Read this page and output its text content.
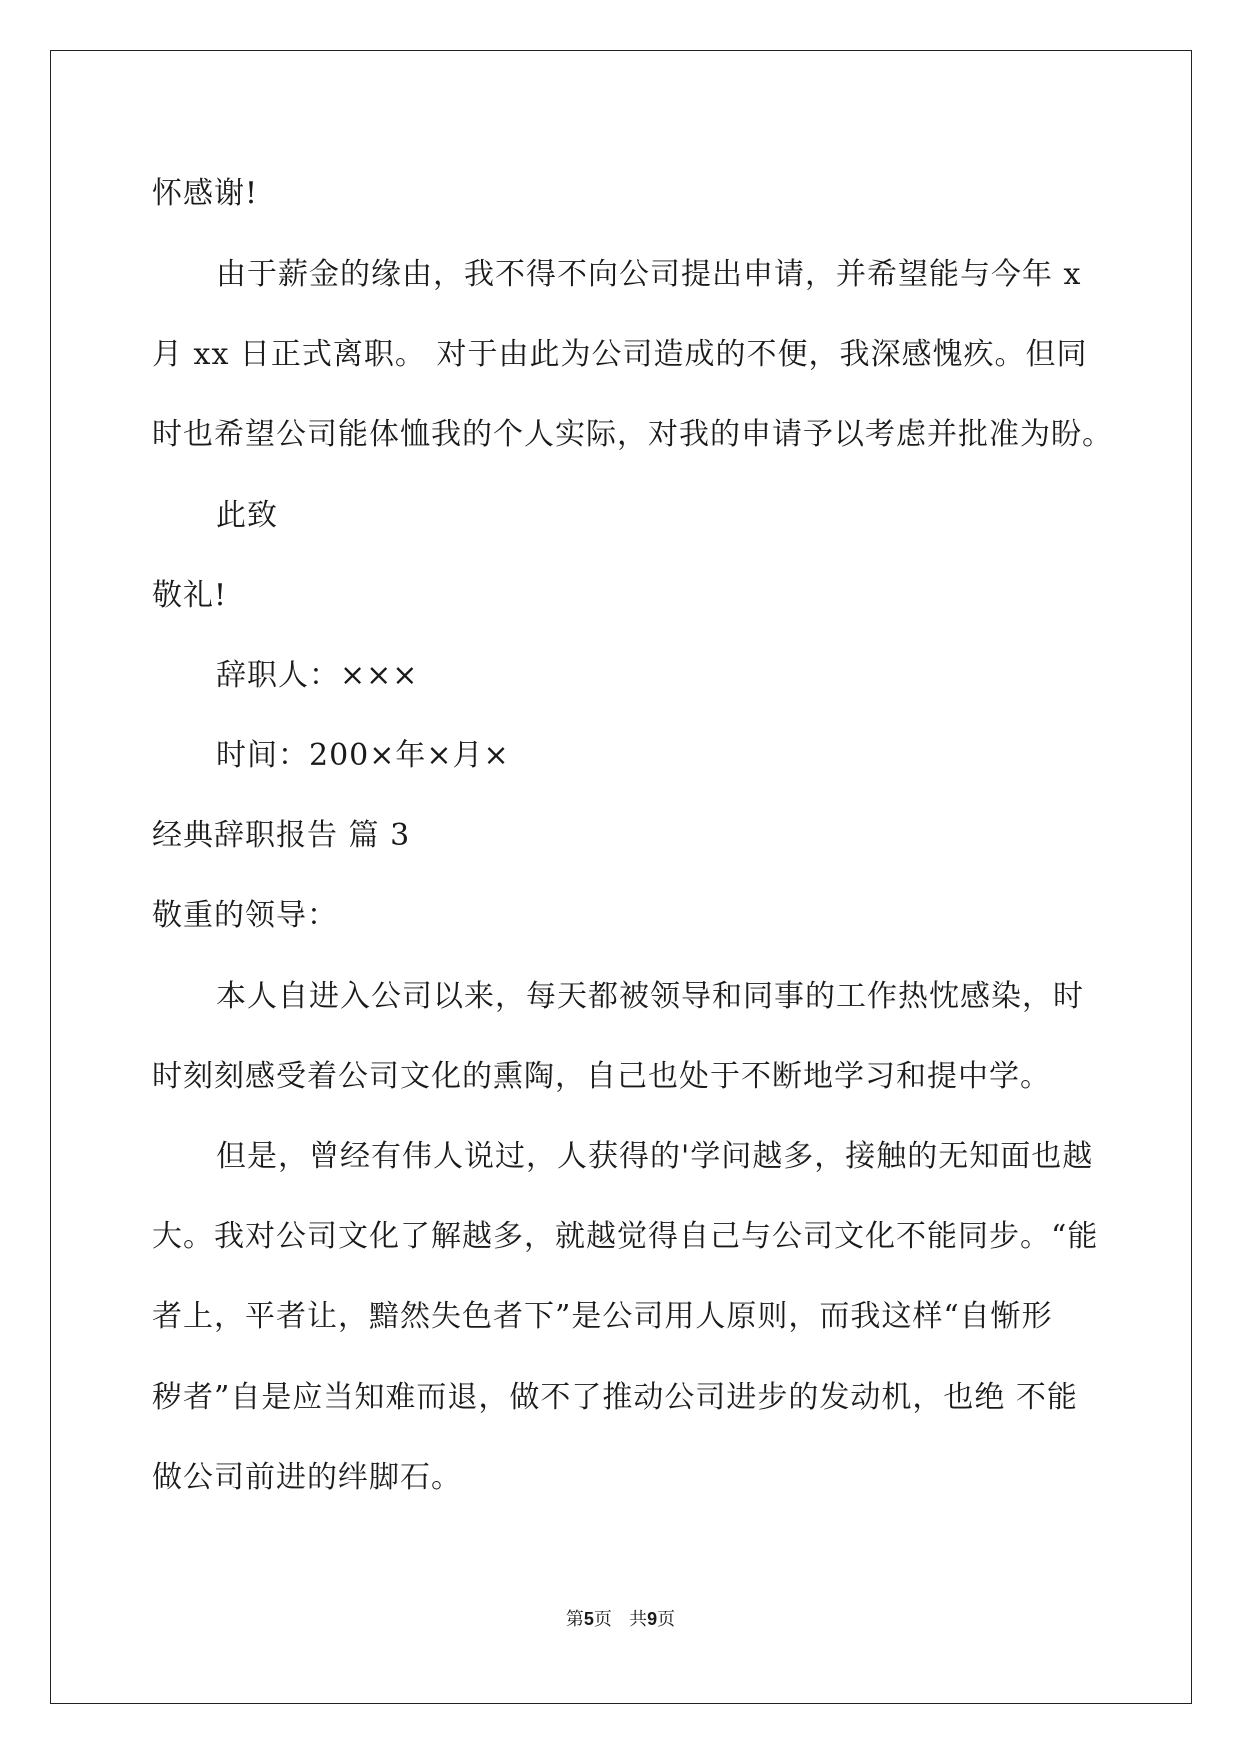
怀感谢!
由于薪金的缘由，我不得不向公司提出申请，并希望能与今年 x
月 xx 日正式离职。 对于由此为公司造成的不便，我深感愧疚。但同
时也希望公司能体恤我的个人实际，对我的申请予以考虑并批准为盼。
此致
敬礼!
辞职人：×××
时间：200×年×月×
经典辞职报告 篇 3
敬重的领导：
本人自进入公司以来，每天都被领导和同事的工作热忱感染，时
时刻刻感受着公司文化的熏陶，自己也处于不断地学习和提中学。
但是，曾经有伟人说过，人获得的'学问越多，接触的无知面也越
大。我对公司文化了解越多，就越觉得自己与公司文化不能同步。“能
者上，平者让，黯然失色者下”是公司用人原则，而我这样“自惭形
秽者”自是应当知难而退，做不了推动公司进步的发动机，也绝 不能
做公司前进的绊脚石。
第5页   共9页
